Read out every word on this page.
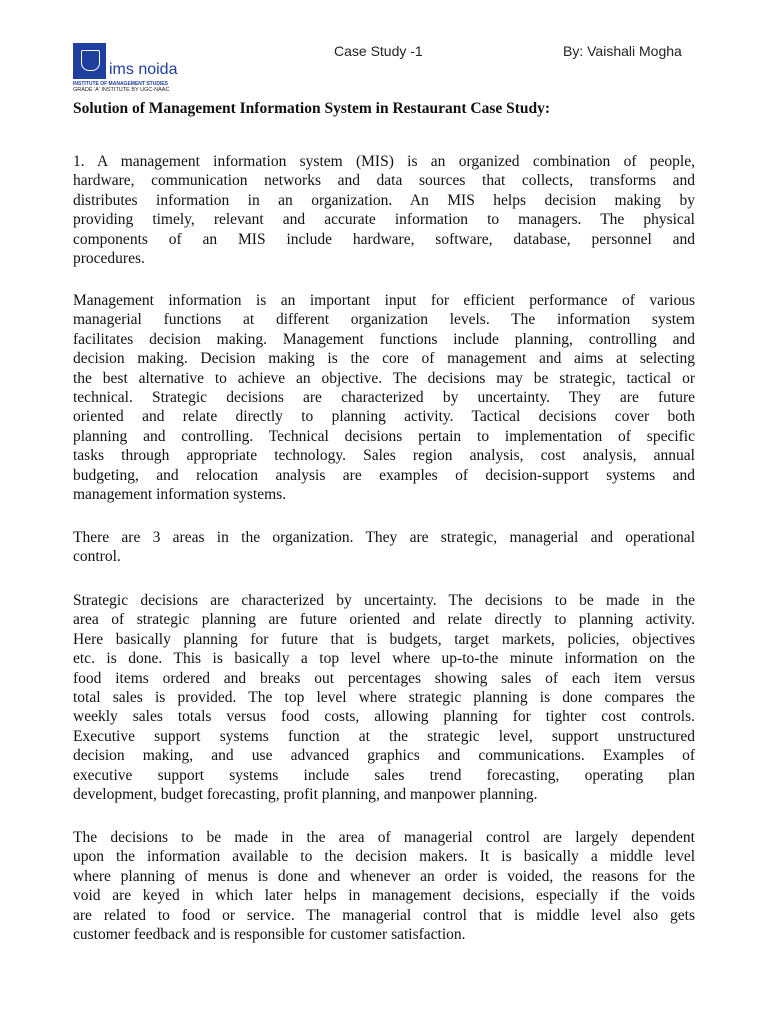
ims noida
INSTITUTE OF MANAGEMENT STUDIES
GRADE 'A' INSTITUTE BY UGC-NAAC
Case Study -1	By: Vaishali Mogha
Solution of Management Information System in Restaurant Case Study:
1. A management information system (MIS) is an organized combination of people,
hardware, communication networks and data sources that collects, transforms and
distributes information in an organization. An MIS helps decision making by
providing timely, relevant and accurate information to managers. The physical
components of an MIS include hardware, software, database, personnel and
procedures.
Management information is an important input for efficient performance of various
managerial functions at different organization levels. The information system
facilitates decision making. Management functions include planning, controlling and
decision making. Decision making is the core of management and aims at selecting
the best alternative to achieve an objective. The decisions may be strategic, tactical or
technical. Strategic decisions are characterized by uncertainty. They are future
oriented and relate directly to planning activity. Tactical decisions cover both
planning and controlling. Technical decisions pertain to implementation of specific
tasks through appropriate technology. Sales region analysis, cost analysis, annual
budgeting, and relocation analysis are examples of decision-support systems and
management information systems.
There are 3 areas in the organization. They are strategic, managerial and operational
control.
Strategic decisions are characterized by uncertainty. The decisions to be made in the
area of strategic planning are future oriented and relate directly to planning activity.
Here basically planning for future that is budgets, target markets, policies, objectives
etc. is done. This is basically a top level where up-to-the minute information on the
food items ordered and breaks out percentages showing sales of each item versus
total sales is provided. The top level where strategic planning is done compares the
weekly sales totals versus food costs, allowing planning for tighter cost controls.
Executive support systems function at the strategic level, support unstructured
decision making, and use advanced graphics and communications. Examples of
executive support systems include sales trend forecasting, operating plan
development, budget forecasting, profit planning, and manpower planning.
The decisions to be made in the area of managerial control are largely dependent
upon the information available to the decision makers. It is basically a middle level
where planning of menus is done and whenever an order is voided, the reasons for the
void are keyed in which later helps in management decisions, especially if the voids
are related to food or service. The managerial control that is middle level also gets
customer feedback and is responsible for customer satisfaction.
